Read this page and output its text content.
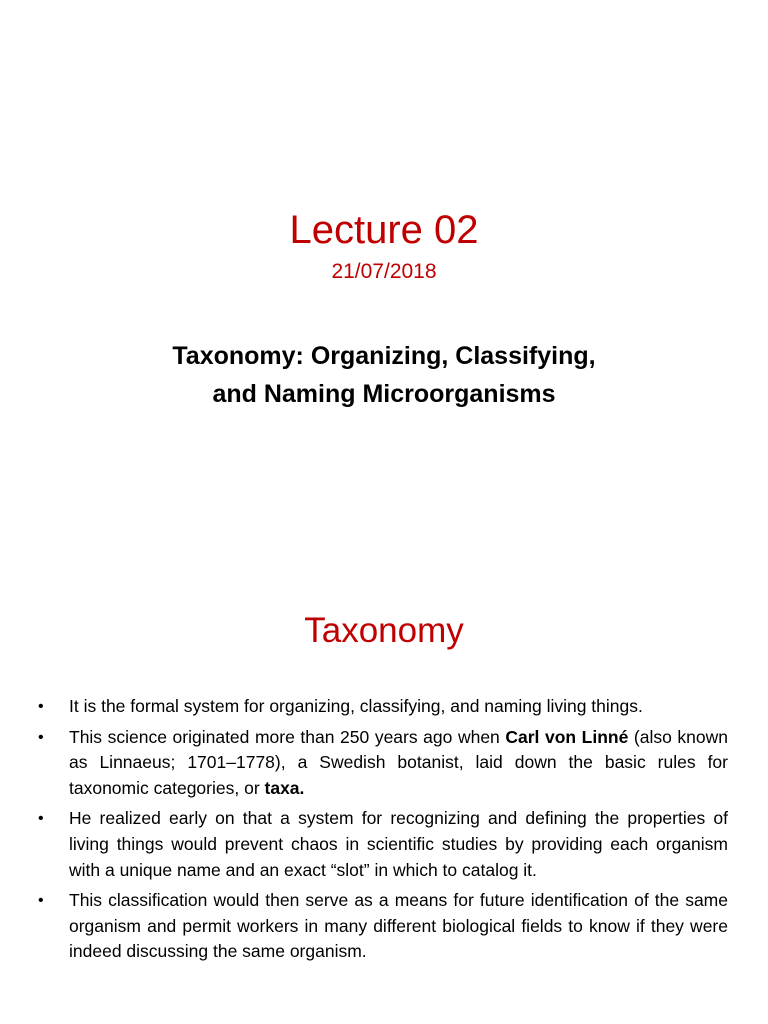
Lecture 02
21/07/2018
Taxonomy: Organizing, Classifying,
and Naming Microorganisms
Taxonomy
• It is the formal system for organizing, classifying, and naming living things.
• This science originated more than 250 years ago when Carl von Linné (also known as Linnaeus; 1701–1778), a Swedish botanist, laid down the basic rules for taxonomic categories, or taxa.
• He realized early on that a system for recognizing and defining the properties of living things would prevent chaos in scientific studies by providing each organism with a unique name and an exact “slot” in which to catalog it.
• This classification would then serve as a means for future identification of the same organism and permit workers in many different biological fields to know if they were indeed discussing the same organism.
